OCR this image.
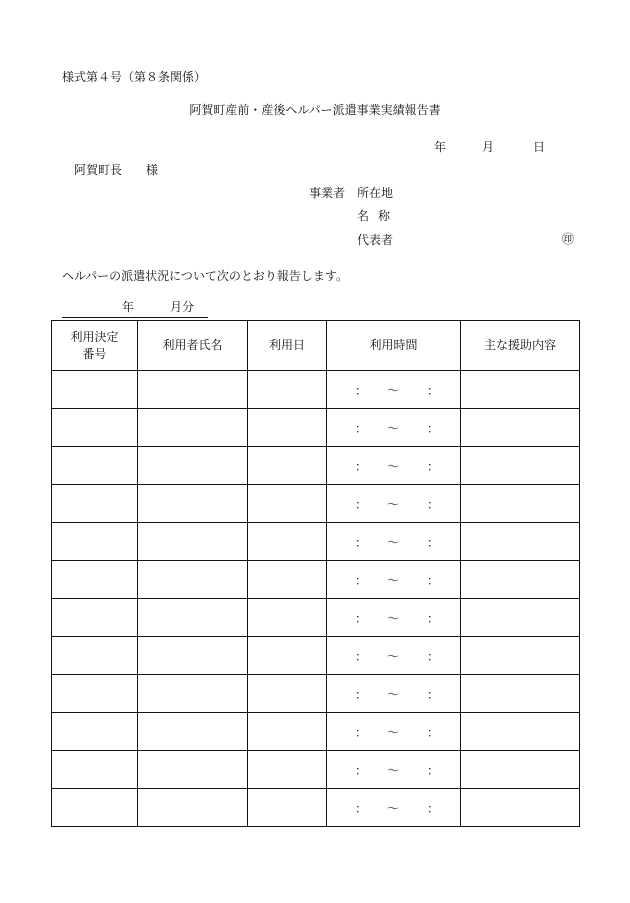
様式第４号（第８条関係）
阿賀町産前・産後ヘルパー派遣事業実績報告書
年	月	日
阿賀町長　　様
事業者 所在地
名称
代表者	㊞
ヘルパーの派遣状況について次のとおり報告します。
年	月分
利用決定
番号	利用者氏名	利用日	利用時間	主な援助内容

			： 〜 ：	

			： 〜 ：	

			： 〜 ：	

			： 〜 ：	

			： 〜 ：	

			： 〜 ：	

			： 〜 ：	

			： 〜 ：	

			： 〜 ：	

			： 〜 ：	

			： 〜 ：	

			： 〜 ：	
